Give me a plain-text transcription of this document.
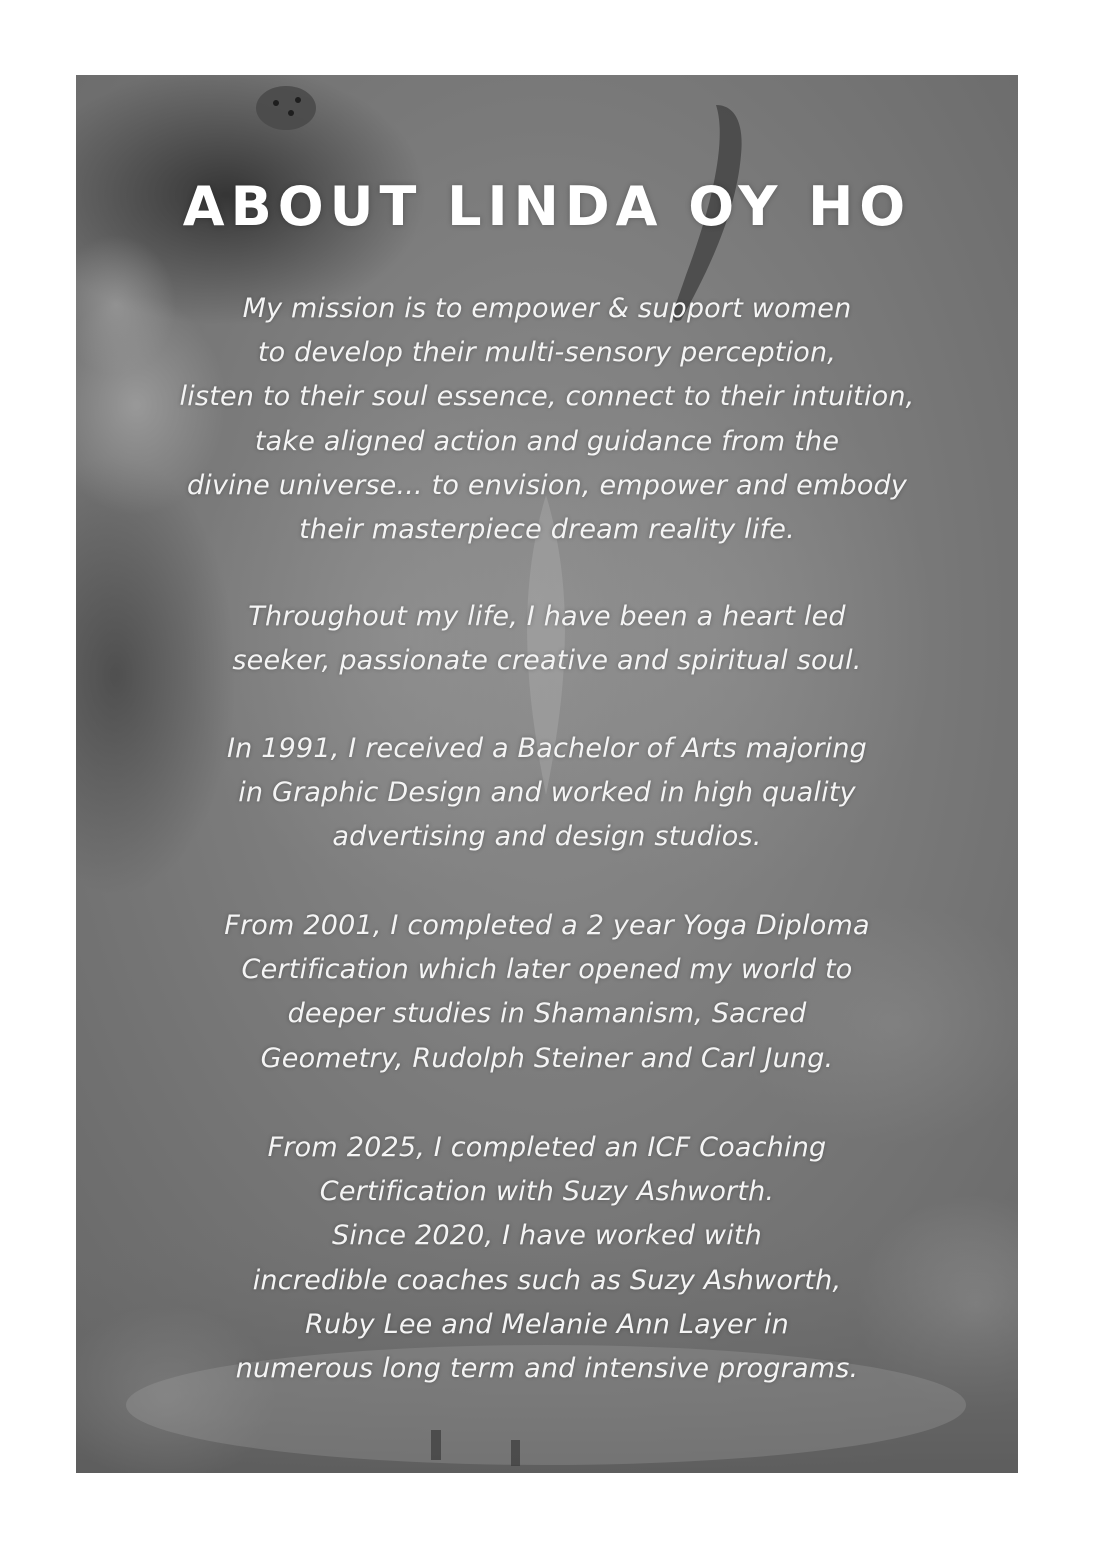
ABOUT LINDA OY HO

My mission is to empower & support women
to develop their multi-sensory perception,
listen to their soul essence, connect to their intuition,
take aligned action and guidance from the
divine universe... to envision, empower and embody
their masterpiece dream reality life.

Throughout my life, I have been a heart led
seeker, passionate creative and spiritual soul.

In 1991, I received a Bachelor of Arts majoring
in Graphic Design and worked in high quality
advertising and design studios.

From 2001, I completed a 2 year Yoga Diploma
Certification which later opened my world to
deeper studies in Shamanism, Sacred
Geometry, Rudolph Steiner and Carl Jung.

From 2025, I completed an ICF Coaching
Certification with Suzy Ashworth.
Since 2020, I have worked with
incredible coaches such as Suzy Ashworth,
Ruby Lee and Melanie Ann Layer in
numerous long term and intensive programs.
